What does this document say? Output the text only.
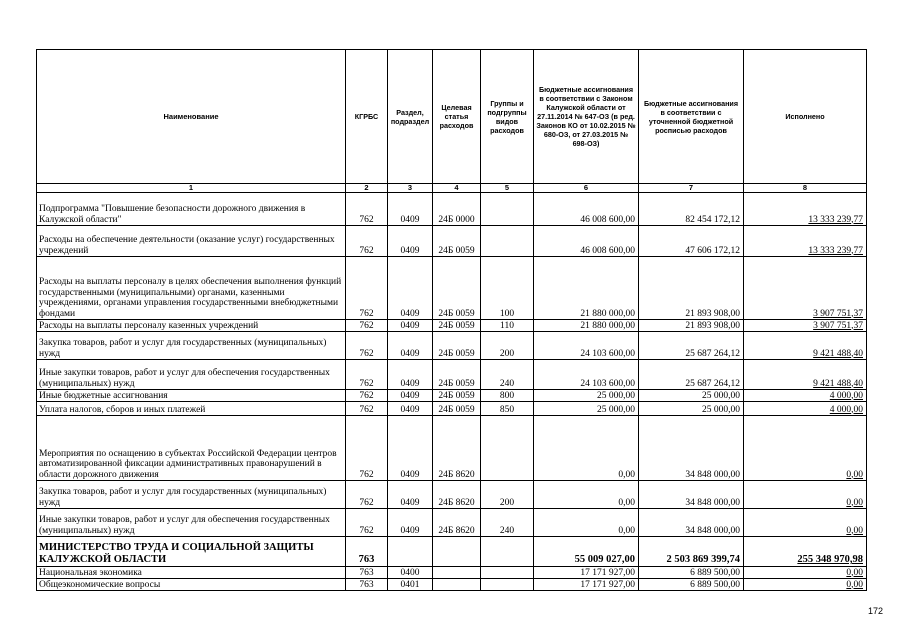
Наименование	КГРБС	Раздел, подраздел	Целевая статья расходов	Группы и подгруппы видов расходов	Бюджетные ассигнования в соответствии с Законом Калужской области от 27.11.2014 № 647-ОЗ (в ред. Законов КО от 10.02.2015 № 680-ОЗ, от 27.03.2015 № 698-ОЗ)	Бюджетные ассигнования в соответствии с уточненной бюджетной росписью расходов	Исполнено
1	2	3	4	5	6	7	8
Подпрограмма "Повышение безопасности дорожного движения в Калужской области"	762	0409	24Б 0000		46 008 600,00	82 454 172,12	13 333 239,77
Расходы на обеспечение деятельности (оказание услуг) государственных учреждений	762	0409	24Б 0059		46 008 600,00	47 606 172,12	13 333 239,77
Расходы на выплаты персоналу в целях обеспечения выполнения функций государственными (муниципальными) органами, казенными учреждениями, органами управления государственными внебюджетными фондами	762	0409	24Б 0059	100	21 880 000,00	21 893 908,00	3 907 751,37
Расходы на выплаты персоналу казенных учреждений	762	0409	24Б 0059	110	21 880 000,00	21 893 908,00	3 907 751,37
Закупка товаров, работ и услуг для государственных (муниципальных) нужд	762	0409	24Б 0059	200	24 103 600,00	25 687 264,12	9 421 488,40
Иные закупки товаров, работ и услуг для обеспечения государственных (муниципальных) нужд	762	0409	24Б 0059	240	24 103 600,00	25 687 264,12	9 421 488,40
Иные бюджетные ассигнования	762	0409	24Б 0059	800	25 000,00	25 000,00	4 000,00
Уплата налогов, сборов и иных платежей	762	0409	24Б 0059	850	25 000,00	25 000,00	4 000,00
Мероприятия по оснащению в субъектах Российской Федерации центров автоматизированной фиксации административных правонарушений в области дорожного движения	762	0409	24Б 8620		0,00	34 848 000,00	0,00
Закупка товаров, работ и услуг для государственных (муниципальных) нужд	762	0409	24Б 8620	200	0,00	34 848 000,00	0,00
Иные закупки товаров, работ и услуг для обеспечения государственных (муниципальных) нужд	762	0409	24Б 8620	240	0,00	34 848 000,00	0,00
МИНИСТЕРСТВО ТРУДА И СОЦИАЛЬНОЙ ЗАЩИТЫ КАЛУЖСКОЙ ОБЛАСТИ	763				55 009 027,00	2 503 869 399,74	255 348 970,98
Национальная экономика	763	0400			17 171 927,00	6 889 500,00	0,00
Общеэкономические вопросы	763	0401			17 171 927,00	6 889 500,00	0,00
172
